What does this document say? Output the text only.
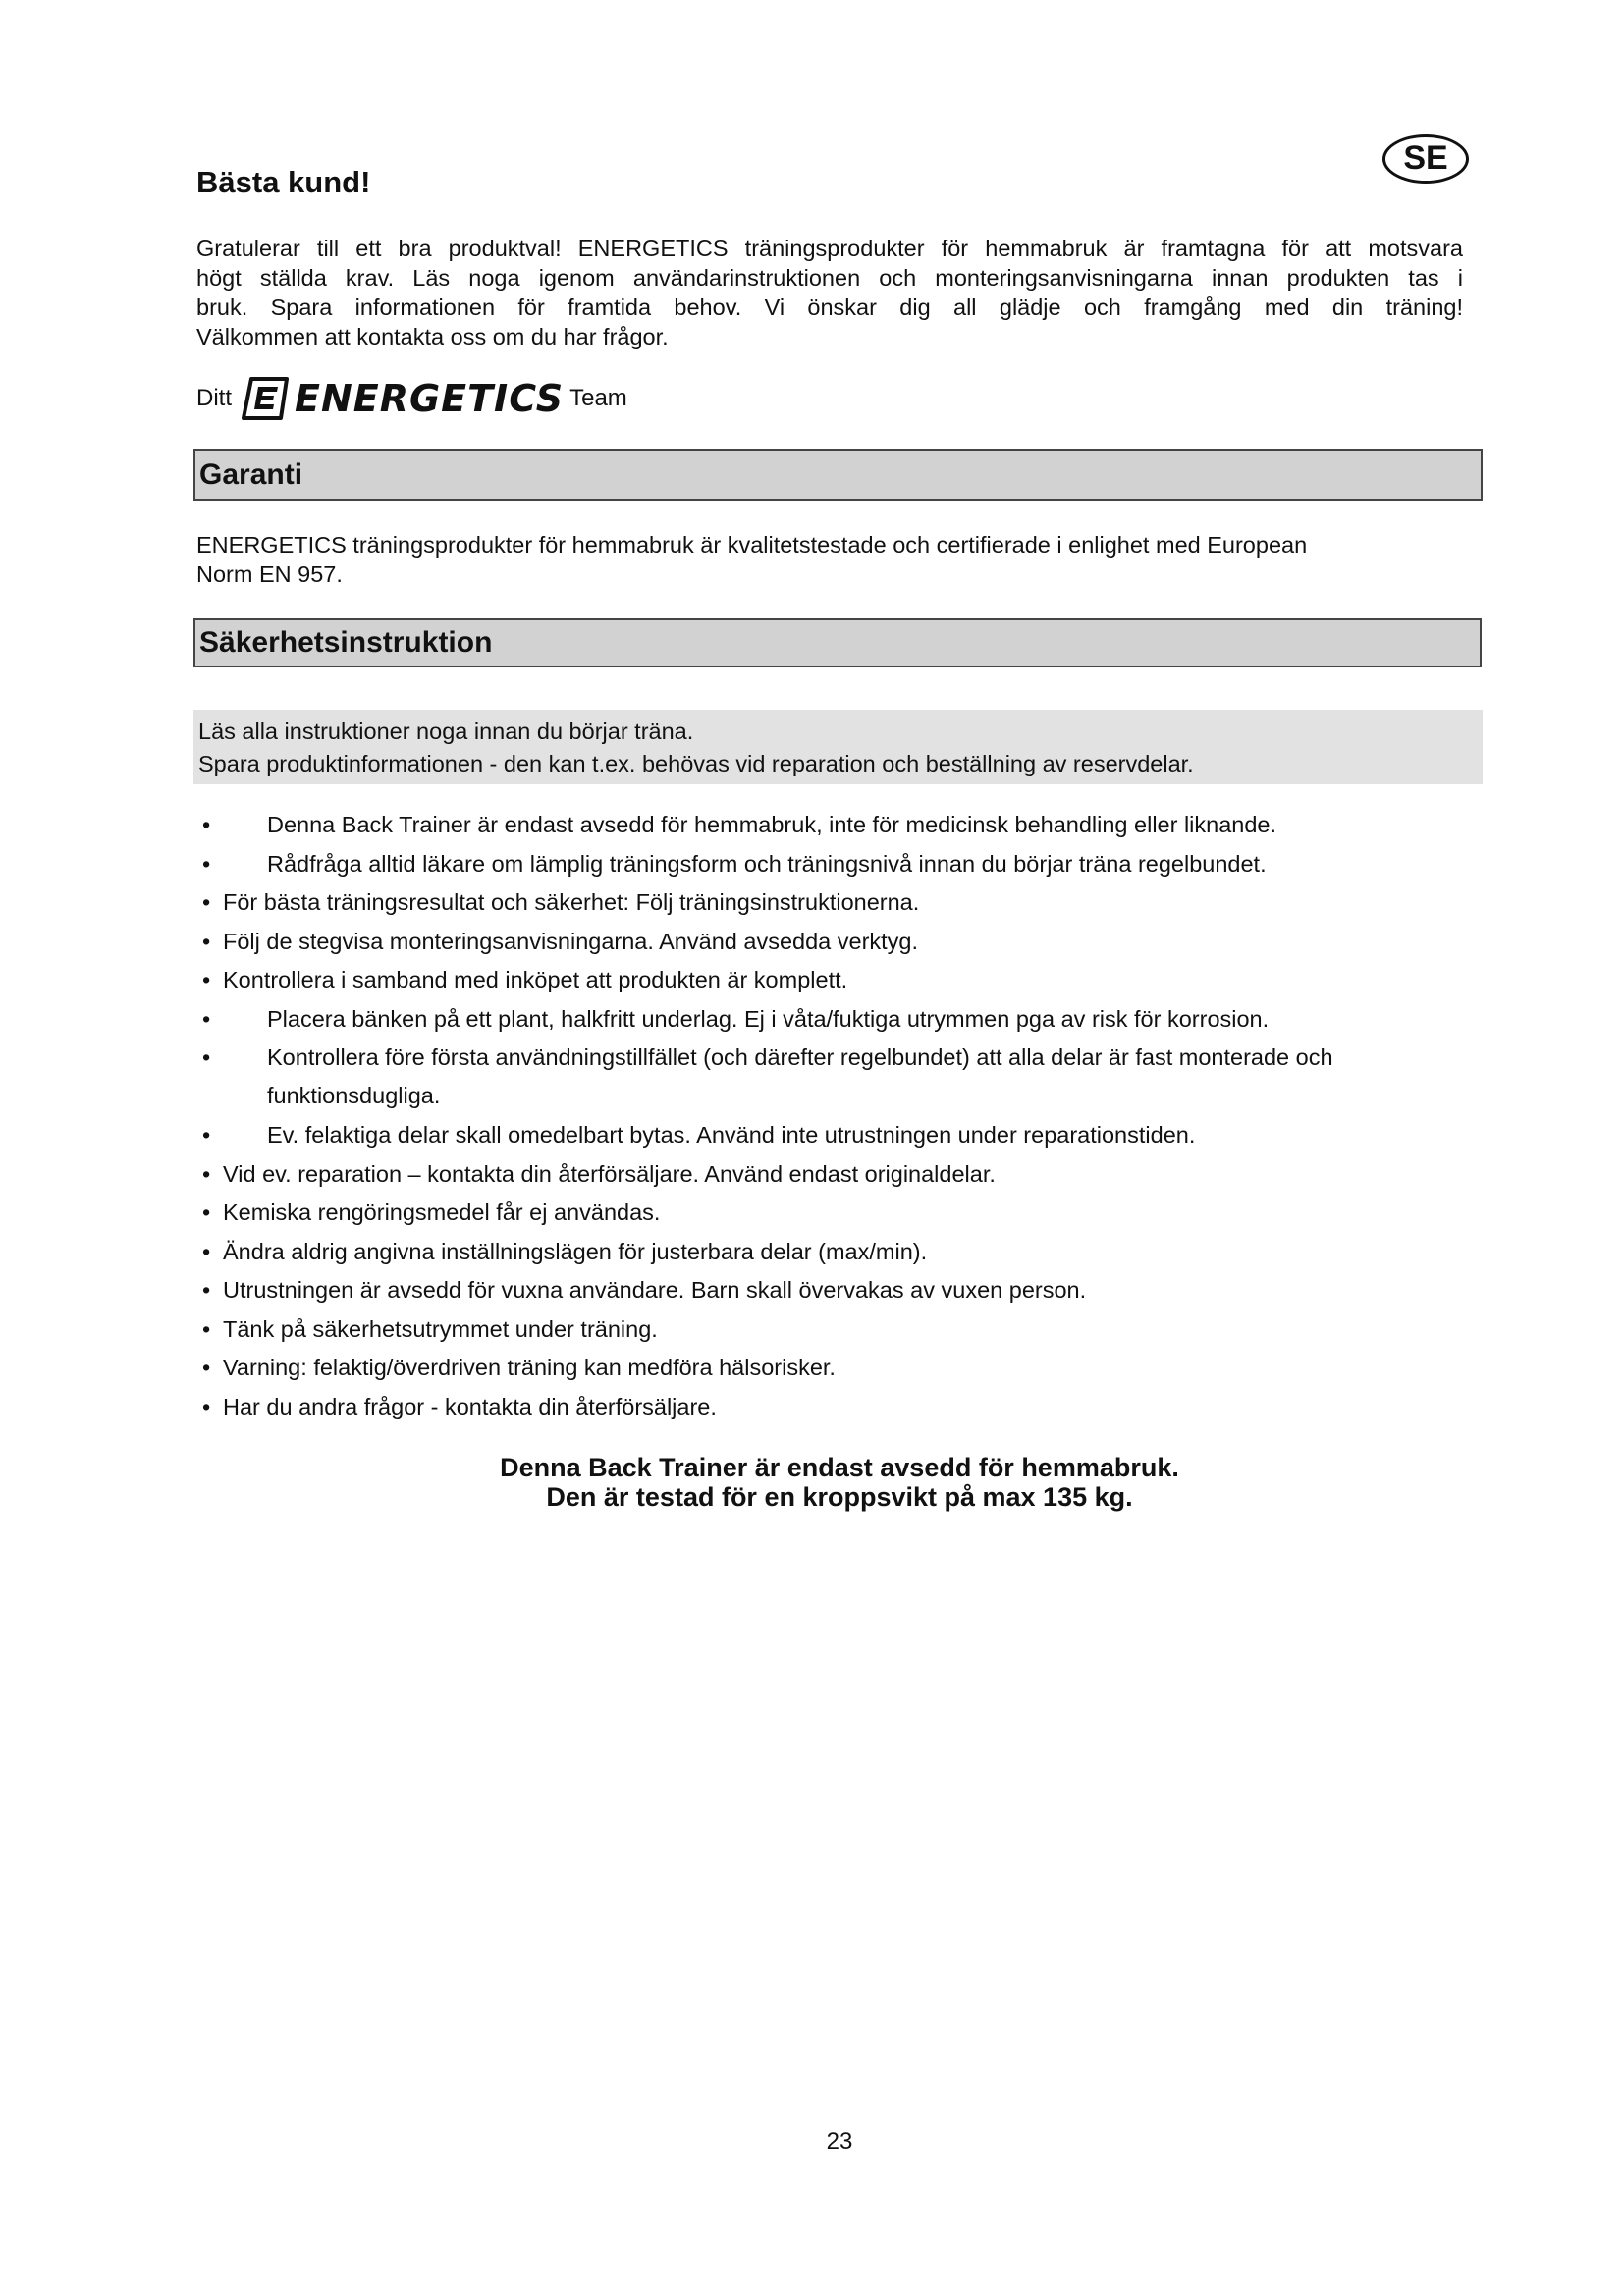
Bästa kund!
SE
Gratulerar till ett bra produktval! ENERGETICS träningsprodukter för hemmabruk är framtagna för att motsvara
högt ställda krav. Läs noga igenom användarinstruktionen och monteringsanvisningarna innan produkten tas i
bruk. Spara informationen för framtida behov. Vi önskar dig all glädje och framgång med din träning!
Välkommen att kontakta oss om du har frågor.
Ditt ENERGETICS Team
Garanti
ENERGETICS träningsprodukter för hemmabruk är kvalitetstestade och certifierade i enlighet med European
Norm EN 957.
Säkerhetsinstruktion
Läs alla instruktioner noga innan du börjar träna.
Spara produktinformationen - den kan t.ex. behövas vid reparation och beställning av reservdelar.
•	Denna Back Trainer är endast avsedd för hemmabruk, inte för medicinsk behandling eller liknande.
•	Rådfråga alltid läkare om lämplig träningsform och träningsnivå innan du börjar träna regelbundet.
• För bästa träningsresultat och säkerhet: Följ träningsinstruktionerna.
• Följ de stegvisa monteringsanvisningarna. Använd avsedda verktyg.
• Kontrollera i samband med inköpet att produkten är komplett.
•	Placera bänken på ett plant, halkfritt underlag. Ej i våta/fuktiga utrymmen pga av risk för korrosion.
•	Kontrollera före första användningstillfället (och därefter regelbundet) att alla delar är fast monterade och
funktionsdugliga.
•	Ev. felaktiga delar skall omedelbart bytas. Använd inte utrustningen under reparationstiden.
• Vid ev. reparation – kontakta din återförsäljare. Använd endast originaldelar.
• Kemiska rengöringsmedel får ej användas.
• Ändra aldrig angivna inställningslägen för justerbara delar (max/min).
• Utrustningen är avsedd för vuxna användare. Barn skall övervakas av vuxen person.
• Tänk på säkerhetsutrymmet under träning.
• Varning: felaktig/överdriven träning kan medföra hälsorisker.
• Har du andra frågor - kontakta din återförsäljare.
Denna Back Trainer är endast avsedd för hemmabruk.
Den är testad för en kroppsvikt på max 135 kg.
23
